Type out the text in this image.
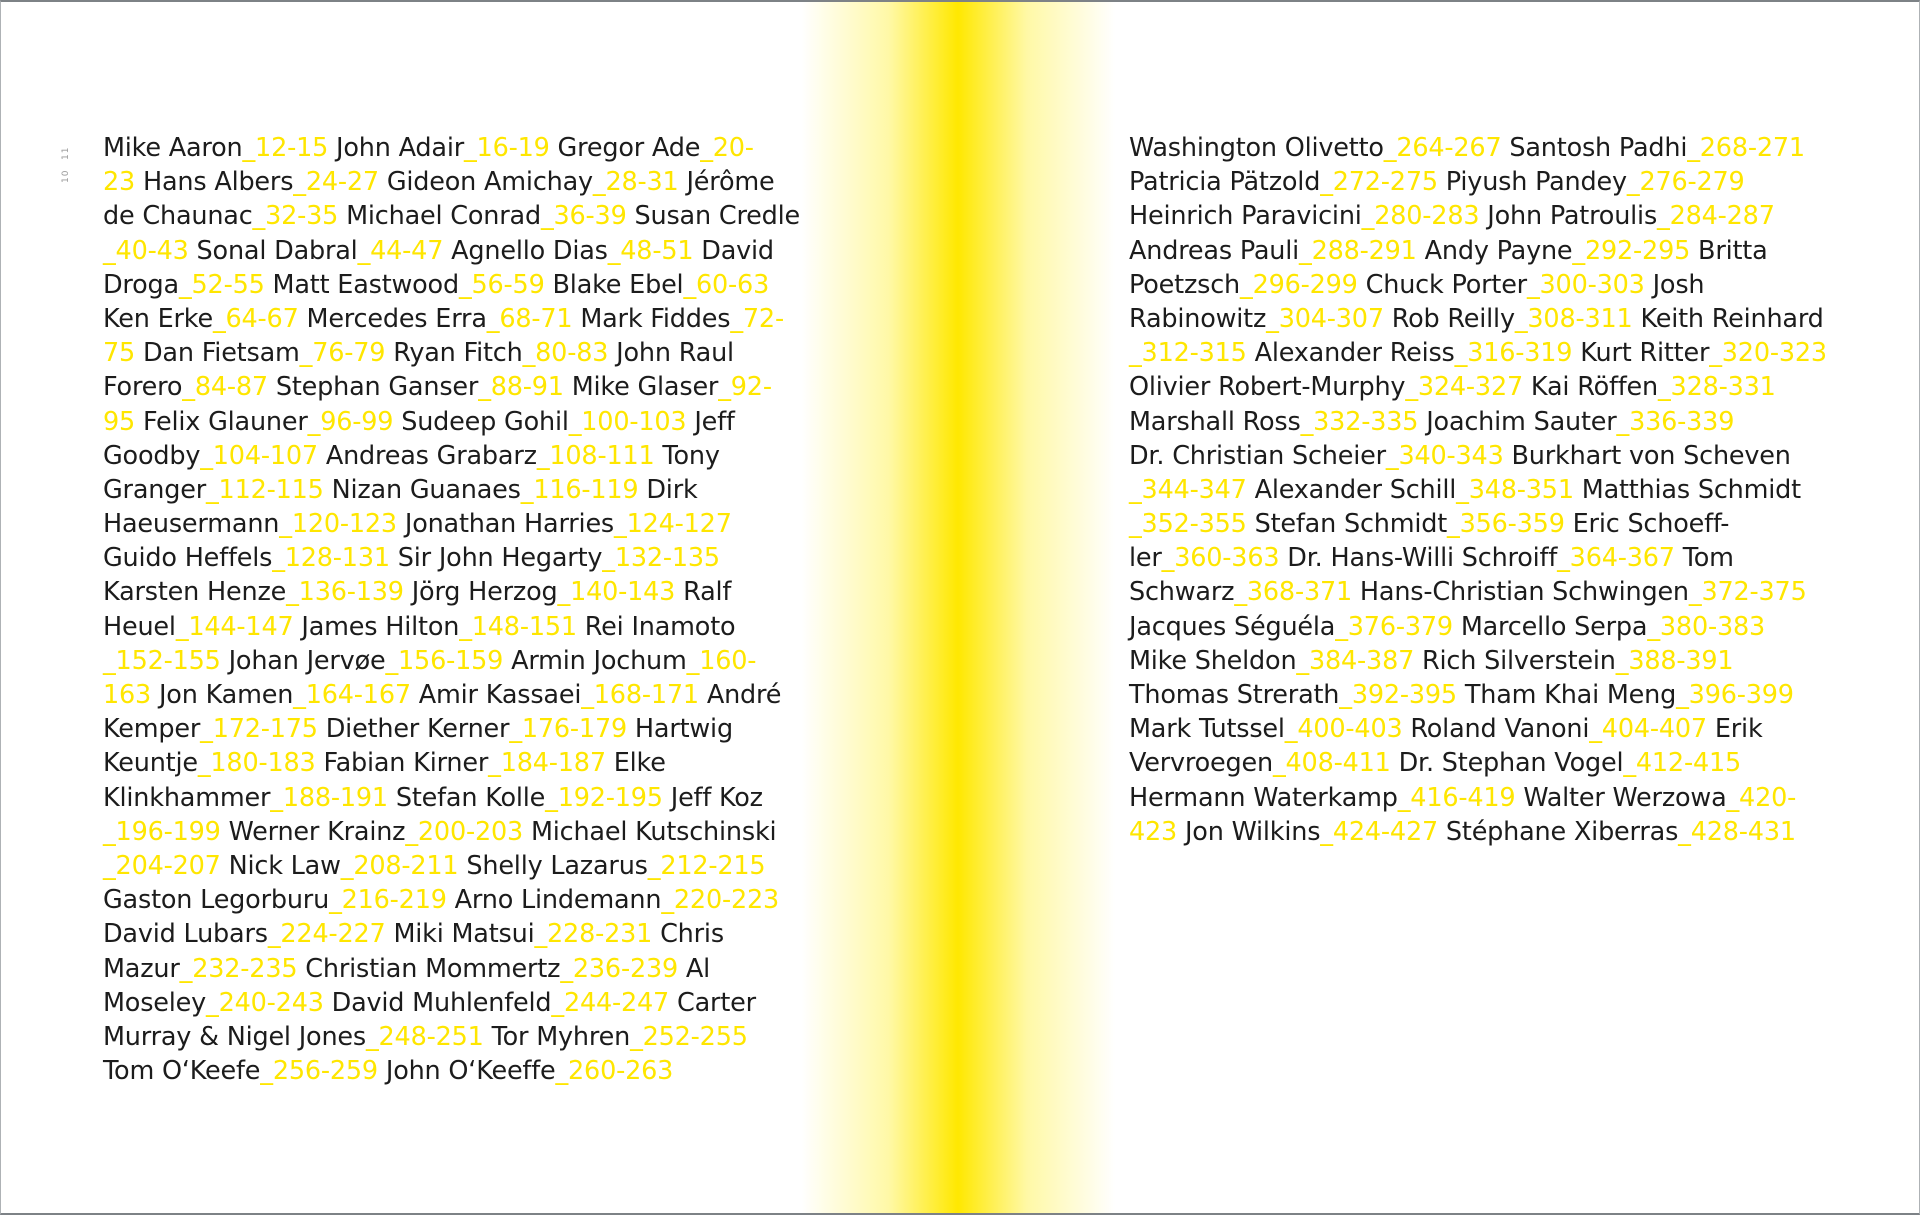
10 11 Mike Aaron_12-15 John Adair_16-19 Gregor Ade_20-
23 Hans Albers_24-27 Gideon Amichay_28-31 Jérôme
de Chaunac_32-35 Michael Conrad_36-39 Susan Credle
_40-43 Sonal Dabral_44-47 Agnello Dias_48-51 David
Droga_52-55 Matt Eastwood_56-59 Blake Ebel_60-63
Ken Erke_64-67 Mercedes Erra_68-71 Mark Fiddes_72-
75 Dan Fietsam_76-79 Ryan Fitch_80-83 John Raul
Forero_84-87 Stephan Ganser_88-91 Mike Glaser_92-
95 Felix Glauner_96-99 Sudeep Gohil_100-103 Jeff
Goodby_104-107 Andreas Grabarz_108-111 Tony
Granger_112-115 Nizan Guanaes_116-119 Dirk
Haeusermann_120-123 Jonathan Harries_124-127
Guido Heffels_128-131 Sir John Hegarty_132-135
Karsten Henze_136-139 Jörg Herzog_140-143 Ralf
Heuel_144-147 James Hilton_148-151 Rei Inamoto
_152-155 Johan Jervøe_156-159 Armin Jochum_160-
163 Jon Kamen_164-167 Amir Kassaei_168-171 André
Kemper_172-175 Diether Kerner_176-179 Hartwig
Keuntje_180-183 Fabian Kirner_184-187 Elke
Klinkhammer_188-191 Stefan Kolle_192-195 Jeff Koz
_196-199 Werner Krainz_200-203 Michael Kutschinski
_204-207 Nick Law_208-211 Shelly Lazarus_212-215
Gaston Legorburu_216-219 Arno Lindemann_220-223
David Lubars_224-227 Miki Matsui_228-231 Chris
Mazur_232-235 Christian Mommertz_236-239 Al
Moseley_240-243 David Muhlenfeld_244-247 Carter
Murray & Nigel Jones_248-251 Tor Myhren_252-255
Tom O‘Keefe_256-259 John O‘Keeffe_260-263
Washington Olivetto_264-267 Santosh Padhi_268-271
Patricia Pätzold_272-275 Piyush Pandey_276-279
Heinrich Paravicini_280-283 John Patroulis_284-287
Andreas Pauli_288-291 Andy Payne_292-295 Britta
Poetzsch_296-299 Chuck Porter_300-303 Josh
Rabinowitz_304-307 Rob Reilly_308-311 Keith Reinhard
_312-315 Alexander Reiss_316-319 Kurt Ritter_320-323
Olivier Robert-Murphy_324-327 Kai Röffen_328-331
Marshall Ross_332-335 Joachim Sauter_336-339
Dr. Christian Scheier_340-343 Burkhart von Scheven
_344-347 Alexander Schill_348-351 Matthias Schmidt
_352-355 Stefan Schmidt_356-359 Eric Schoeff-
ler_360-363 Dr. Hans-Willi Schroiff_364-367 Tom
Schwarz_368-371 Hans-Christian Schwingen_372-375
Jacques Séguéla_376-379 Marcello Serpa_380-383
Mike Sheldon_384-387 Rich Silverstein_388-391
Thomas Strerath_392-395 Tham Khai Meng_396-399
Mark Tutssel_400-403 Roland Vanoni_404-407 Erik
Vervroegen_408-411 Dr. Stephan Vogel_412-415
Hermann Waterkamp_416-419 Walter Werzowa_420-
423 Jon Wilkins_424-427 Stéphane Xiberras_428-431
